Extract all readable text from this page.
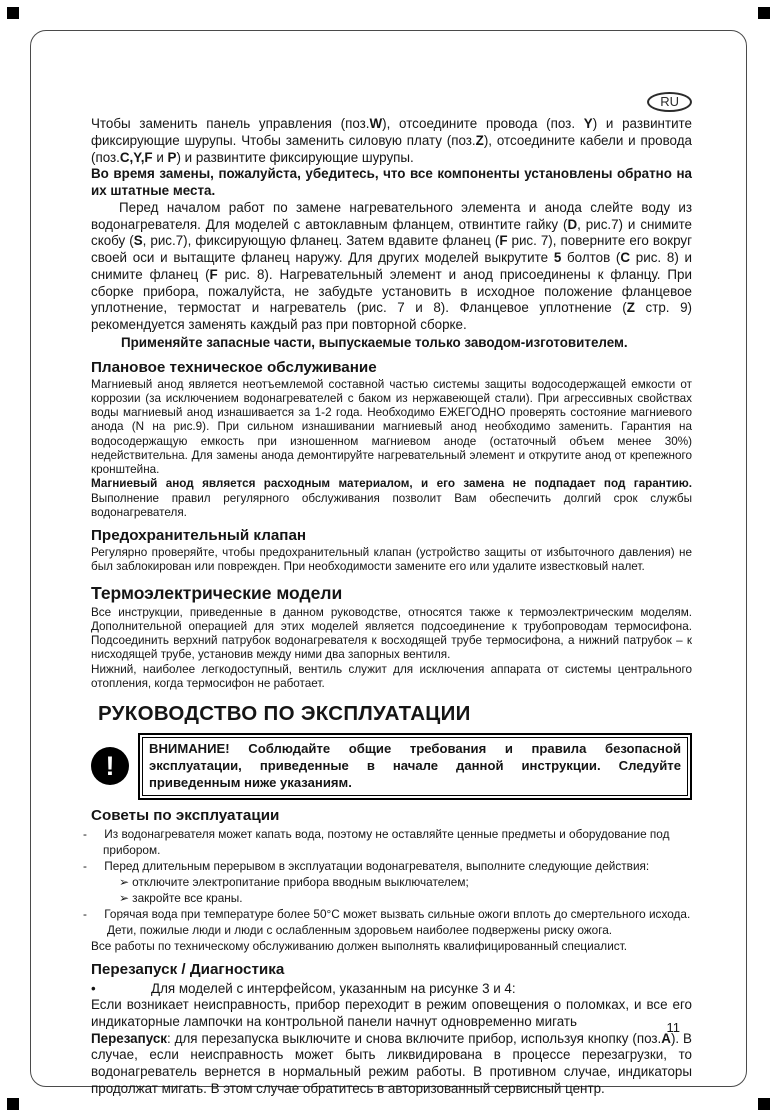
RU

Чтобы заменить панель управления (поз.W), отсоедините провода (поз. Y) и развинтите фиксирующие шурупы. Чтобы заменить силовую плату (поз.Z), отсоедините кабели и провода (поз.C,Y,F и P) и развинтите фиксирующие шурупы.

Во время замены, пожалуйста, убедитесь, что все компоненты установлены обратно на их штатные места.

Перед началом работ по замене нагревательного элемента и анода слейте воду из водонагревателя. Для моделей с автоклавным фланцем, отвинтите гайку (D, рис.7) и снимите скобу (S, рис.7), фиксирующую фланец. Затем вдавите фланец (F рис. 7), поверните его вокруг своей оси и вытащите фланец наружу. Для других моделей выкрутите 5 болтов (С рис. 8) и снимите фланец (F рис. 8). Нагревательный элемент и анод присоединены к фланцу. При сборке прибора, пожалуйста, не забудьте установить в исходное положение фланцевое уплотнение, термостат и нагреватель (рис. 7 и 8). Фланцевое уплотнение (Z стр. 9) рекомендуется заменять каждый раз при повторной сборке.

Применяйте запасные части, выпускаемые только заводом-изготовителем.

Плановое техническое обслуживание

Магниевый анод является неотъемлемой составной частью системы защиты водосодержащей емкости от коррозии (за исключением водонагревателей с баком из нержавеющей стали). При агрессивных свойствах воды магниевый анод изнашивается за 1-2 года. Необходимо ЕЖЕГОДНО проверять состояние магниевого анода (N на рис.9). При сильном изнашивании магниевый анод необходимо заменить. Гарантия на водосодержащую емкость при изношенном магниевом аноде (остаточный объем менее 30%) недействительна. Для замены анода демонтируйте нагревательный элемент и открутите анод от крепежного кронштейна.

Магниевый анод является расходным материалом, и его замена не подпадает под гарантию. Выполнение правил регулярного обслуживания позволит Вам обеспечить долгий срок службы водонагревателя.

Предохранительный клапан

Регулярно проверяйте, чтобы предохранительный клапан (устройство защиты от избыточного давления) не был заблокирован или поврежден. При необходимости замените его или удалите известковый налет.

Термоэлектрические модели

Все инструкции, приведенные в данном руководстве, относятся также к термоэлектрическим моделям. Дополнительной операцией для этих моделей является подсоединение к трубопроводам термосифона. Подсоединить верхний патрубок водонагревателя к восходящей трубе термосифона, а нижний патрубок – к нисходящей трубе, установив между ними два запорных вентиля.

Нижний, наиболее легкодоступный, вентиль служит для исключения аппарата от системы центрального отопления, когда термосифон не работает.

РУКОВОДСТВО ПО ЭКСПЛУАТАЦИИ
!
ВНИМАНИЕ! Соблюдайте общие требования и правила безопасной эксплуатации, приведенные в начале данной инструкции. Следуйте приведенным ниже указаниям.
Советы по эксплуатации
- Из водонагревателя может капать вода, поэтому не оставляйте ценные предметы и оборудование под прибором.
- Перед длительным перерывом в эксплуатации водонагревателя, выполните следующие действия:
➢ отключите электропитание прибора вводным выключателем;
➢ закройте все краны.
- Горячая вода при температуре более 50°С может вызвать сильные ожоги вплоть до смертельного исхода.
Дети, пожилые люди и люди с ослабленным здоровьем наиболее подвержены риску ожога.
Все работы по техническому обслуживанию должен выполнять квалифицированный специалист.
Перезапуск / Диагностика
•	Для моделей с интерфейсом, указанным на рисунке 3 и 4:

Если возникает неисправность, прибор переходит в режим оповещения о поломках, и все его индикаторные лампочки на контрольной панели начнут одновременно мигать

Перезапуск: для перезапуска выключите и снова включите прибор, используя кнопку (поз.А). В случае, если неисправность может быть ликвидирована в процессе перезагрузки, то водонагреватель вернется в нормальный режим работы. В противном случае, индикаторы продолжат мигать. В этом случае обратитесь в авторизованный сервисный центр.

11
